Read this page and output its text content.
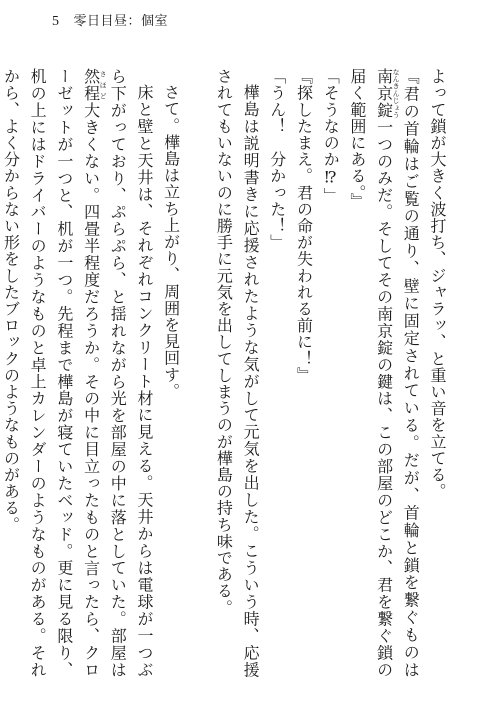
5 零日目昼：個室
よって鎖が大きく波打ち、ジャラッ、と重い音を立てる。
『君の首輪はご覧の通り、壁に固定されている。だが、首輪と鎖を繋ぐものは南京錠なんきんじょう一つのみだ。そしてその南京錠の鍵は、この部屋のどこか、君を繋ぐ鎖の届く範囲にある。』
「そうなのか⁉」
『探したまえ。君の命が失われる前に！』
「うん！　分かった！」
樺島は説明書きに応援されたような気がして元気を出した。こういう時、応援されてもいないのに勝手に元気を出してしまうのが樺島の持ち味である。
さて。樺島は立ち上がり、周囲を見回す。
床と壁と天井は、それぞれコンクリート材に見える。天井からは電球が一つぶら下がっており、ぷらぷら、と揺れながら光を部屋の中に落としていた。部屋は然程さほど大きくない。四畳半程度だろうか。その中に目立ったものと言ったら、クローゼットが一つと、机が一つ。先程まで樺島が寝ていたベッド。更に見る限り、机の上にはドライバーのようなものと卓上カレンダーのようなものがある。それから、よく分からない形をしたブロックのようなものがある。
